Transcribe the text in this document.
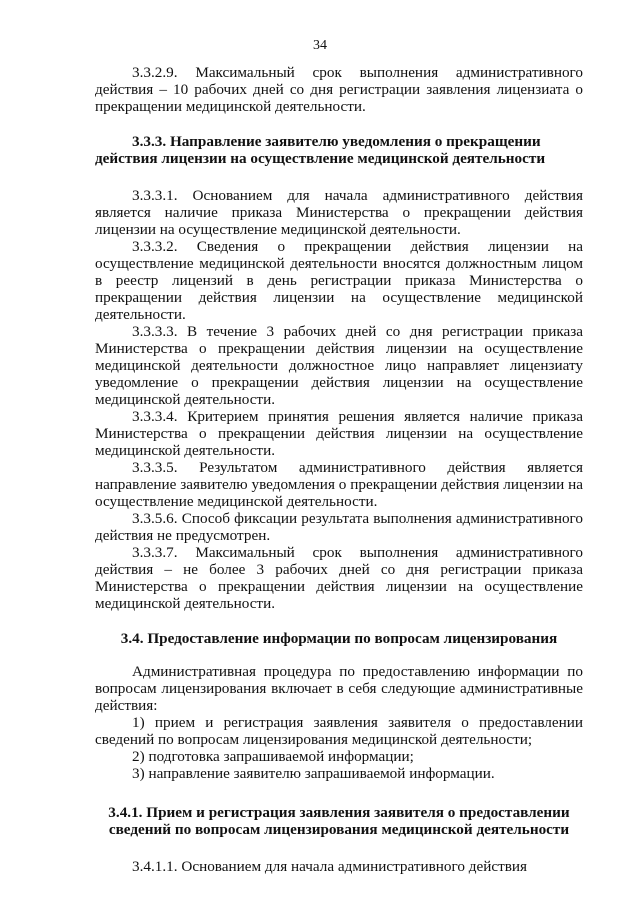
34

3.3.2.9. Максимальный срок выполнения административного действия – 10 рабочих дней со дня регистрации заявления лицензиата о прекращении медицинской деятельности.

3.3.3. Направление заявителю уведомления о прекращении действия лицензии на осуществление медицинской деятельности

3.3.3.1. Основанием для начала административного действия является наличие приказа Министерства о прекращении действия лицензии на осуществление медицинской деятельности.

3.3.3.2. Сведения о прекращении действия лицензии на осуществление медицинской деятельности вносятся должностным лицом в реестр лицензий в день регистрации приказа Министерства о прекращении действия лицензии на осуществление медицинской деятельности.

3.3.3.3. В течение 3 рабочих дней со дня регистрации приказа Министерства о прекращении действия лицензии на осуществление медицинской деятельности должностное лицо направляет лицензиату уведомление о прекращении действия лицензии на осуществление медицинской деятельности.

3.3.3.4. Критерием принятия решения является наличие приказа Министерства о прекращении действия лицензии на осуществление медицинской деятельности.

3.3.3.5. Результатом административного действия является направление заявителю уведомления о прекращении действия лицензии на осуществление медицинской деятельности.

3.3.5.6. Способ фиксации результата выполнения административного действия не предусмотрен.

3.3.3.7. Максимальный срок выполнения административного действия – не более 3 рабочих дней со дня регистрации приказа Министерства о прекращении действия лицензии на осуществление медицинской деятельности.

3.4. Предоставление информации по вопросам лицензирования

Административная процедура по предоставлению информации по вопросам лицензирования включает в себя следующие административные действия:

1) прием и регистрация заявления заявителя о предоставлении сведений по вопросам лицензирования медицинской деятельности;

2) подготовка запрашиваемой информации;

3) направление заявителю запрашиваемой информации.

3.4.1. Прием и регистрация заявления заявителя о предоставлении сведений по вопросам лицензирования медицинской деятельности

3.4.1.1. Основанием для начала административного действия
